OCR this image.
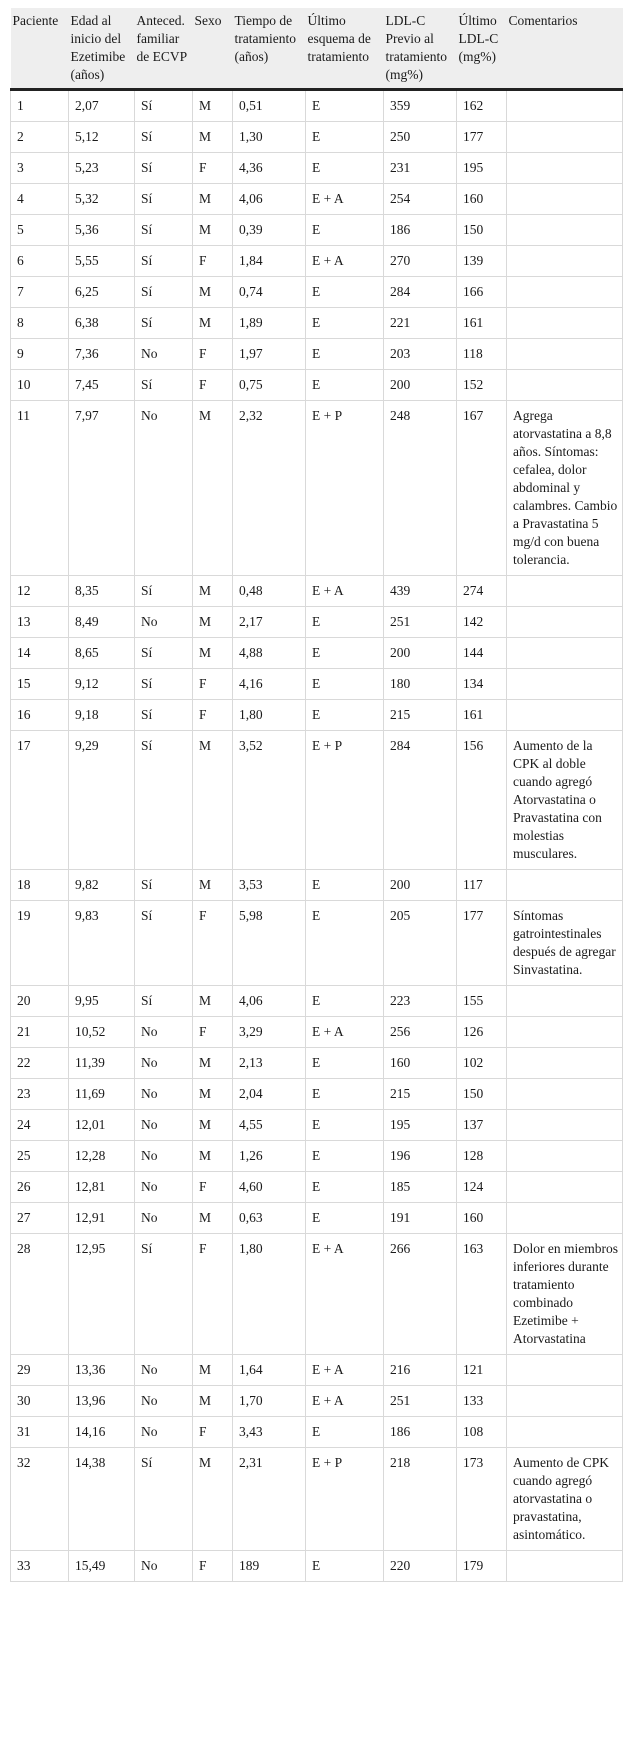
Paciente	Edad al inicio del Ezetimibe (años)	Anteced. familiar de ECVP	Sexo	Tiempo de tratamiento (años)	Último esquema de tratamiento	LDL-C Previo al tratamiento (mg%)	Último LDL-C (mg%)	Comentarios
1	2,07	Sí	M	0,51	E	359	162	
2	5,12	Sí	M	1,30	E	250	177	
3	5,23	Sí	F	4,36	E	231	195	
4	5,32	Sí	M	4,06	E + A	254	160	
5	5,36	Sí	M	0,39	E	186	150	
6	5,55	Sí	F	1,84	E + A	270	139	
7	6,25	Sí	M	0,74	E	284	166	
8	6,38	Sí	M	1,89	E	221	161	
9	7,36	No	F	1,97	E	203	118	
10	7,45	Sí	F	0,75	E	200	152	
11	7,97	No	M	2,32	E + P	248	167	Agrega atorvastatina a 8,8 años. Síntomas: cefalea, dolor abdominal y calambres. Cambio a Pravastatina 5 mg/d con buena tolerancia.
12	8,35	Sí	M	0,48	E + A	439	274	
13	8,49	No	M	2,17	E	251	142	
14	8,65	Sí	M	4,88	E	200	144	
15	9,12	Sí	F	4,16	E	180	134	
16	9,18	Sí	F	1,80	E	215	161	
17	9,29	Sí	M	3,52	E + P	284	156	Aumento de la CPK al doble cuando agregó Atorvastatina o Pravastatina con molestias musculares.
18	9,82	Sí	M	3,53	E	200	117	
19	9,83	Sí	F	5,98	E	205	177	Síntomas gatrointestinales después de agregar Sinvastatina.
20	9,95	Sí	M	4,06	E	223	155	
21	10,52	No	F	3,29	E + A	256	126	
22	11,39	No	M	2,13	E	160	102	
23	11,69	No	M	2,04	E	215	150	
24	12,01	No	M	4,55	E	195	137	
25	12,28	No	M	1,26	E	196	128	
26	12,81	No	F	4,60	E	185	124	
27	12,91	No	M	0,63	E	191	160	
28	12,95	Sí	F	1,80	E + A	266	163	Dolor en miembros inferiores durante tratamiento combinado Ezetimibe + Atorvastatina
29	13,36	No	M	1,64	E + A	216	121	
30	13,96	No	M	1,70	E + A	251	133	
31	14,16	No	F	3,43	E	186	108	
32	14,38	Sí	M	2,31	E + P	218	173	Aumento de CPK cuando agregó atorvastatina o pravastatina, asintomático.
33	15,49	No	F	189	E	220	179	
